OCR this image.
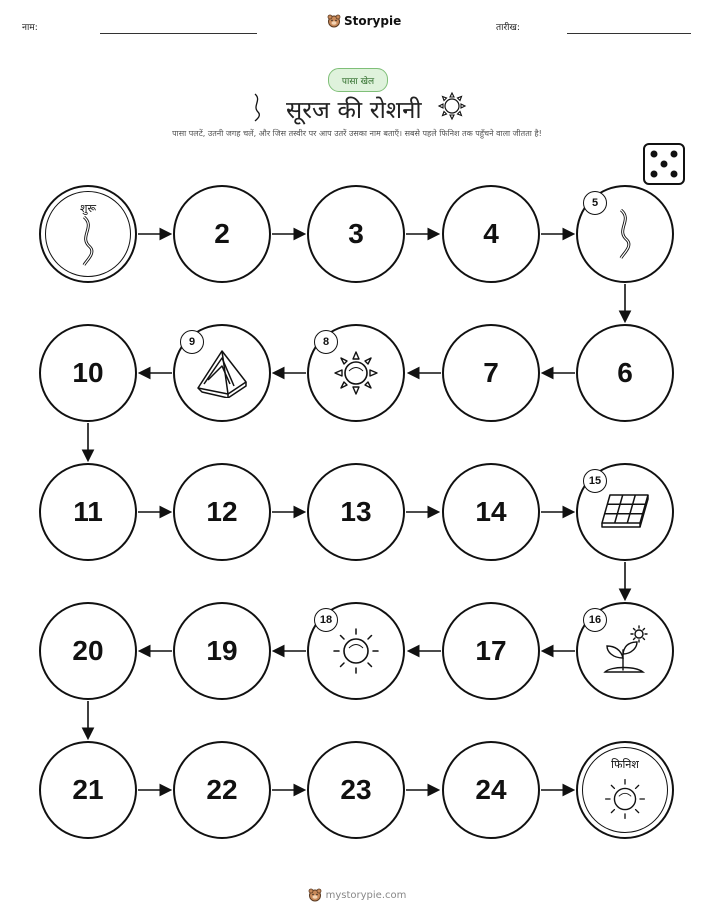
नाम:	Storypie	तारीख:
पासा खेल
सूरज की रोशनी
पासा पलटें, उतनी जगह चलें, और जिस तस्वीर पर आप उतरें उसका नाम बताएँ। सबसे पहले फिनिश तक पहुँचने वाला जीतता है!
शुरू
2	3	4
5
10
9	8
7	6
11	12	13	14
15
20	19
18
17
16
21	22	23	24
फिनिश
mystorypie.com
